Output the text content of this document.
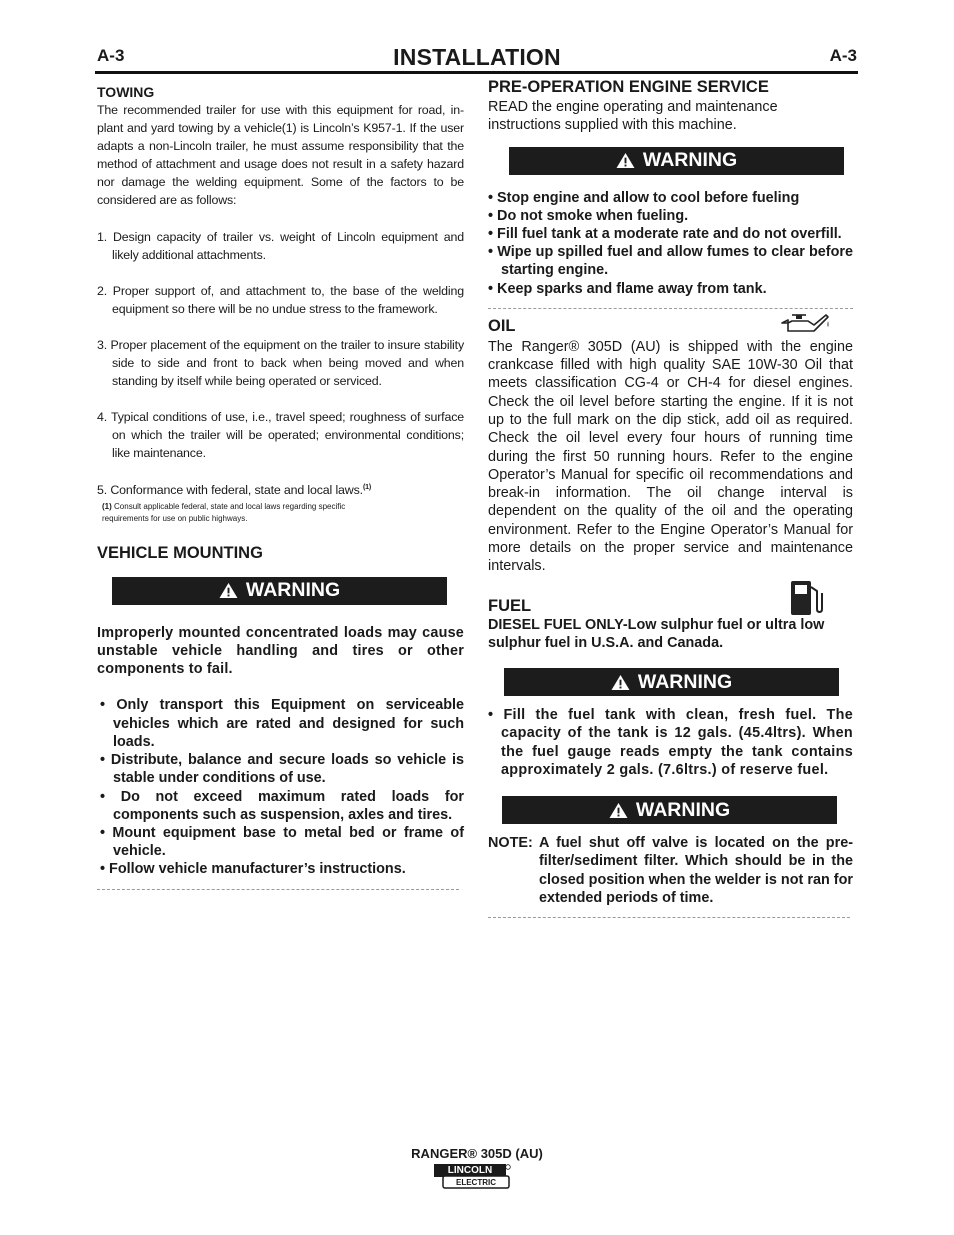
A-3	INSTALLATION	A-3
TOWING
The recommended trailer for use with this equipment for road, in-plant and yard towing by a vehicle(1) is Lincoln’s K957-1. If the user adapts a non-Lincoln trailer, he must assume responsibility that the method of attachment and usage does not result in a safety hazard nor damage the welding equipment. Some of the factors to be considered are as follows:
1. Design capacity of trailer vs. weight of Lincoln equipment and likely additional attachments.
2. Proper support of, and attachment to, the base of the welding equipment so there will be no undue stress to the framework.
3. Proper placement of the equipment on the trailer to insure stability side to side and front to back when being moved and when standing by itself while being operated or serviced.
4. Typical conditions of use, i.e., travel speed; roughness of surface on which the trailer will be operated; environmental conditions; like maintenance.
5. Conformance with federal, state and local laws.$^{(1)}$
(1) Consult applicable federal, state and local laws regarding specific requirements for use on public highways.
VEHICLE MOUNTING
WARNING
Improperly mounted concentrated loads may cause unstable vehicle handling and tires or other components to fail.
• Only transport this Equipment on serviceable vehicles which are rated and designed for such loads.
• Distribute, balance and secure loads so vehicle is stable under conditions of use.
• Do not exceed maximum rated loads for components such as suspension, axles and tires.
• Mount equipment base to metal bed or frame of vehicle.
• Follow vehicle manufacturer’s instructions.
PRE-OPERATION ENGINE SERVICE
READ the engine operating and maintenance instructions supplied with this machine.
WARNING
• Stop engine and allow to cool before fueling
• Do not smoke when fueling.
• Fill fuel tank at a moderate rate and do not overfill.
• Wipe up spilled fuel and allow fumes to clear before starting engine.
• Keep sparks and flame away from tank.
OIL
The Ranger® 305D (AU) is shipped with the engine crankcase filled with high quality SAE 10W-30 Oil that meets classification CG-4 or CH-4 for diesel engines. Check the oil level before starting the engine. If it is not up to the full mark on the dip stick, add oil as required. Check the oil level every four hours of running time during the first 50 running hours. Refer to the engine Operator’s Manual for specific oil recommendations and break-in information. The oil change interval is dependent on the quality of the oil and the operating environment. Refer to the Engine Operator’s Manual for more details on the proper service and maintenance intervals.
FUEL
DIESEL FUEL ONLY-Low sulphur fuel or ultra low sulphur fuel in U.S.A. and Canada.
WARNING
• Fill the fuel tank with clean, fresh fuel. The capacity of the tank is 12 gals. (45.4ltrs). When the fuel gauge reads empty the tank contains approximately 2 gals. (7.6ltrs.) of reserve fuel.
WARNING
NOTE: A fuel shut off valve is located on the pre-filter/sediment filter. Which should be in the closed position when the welder is not ran for extended periods of time.
RANGER® 305D (AU)
LINCOLN
ELECTRIC
